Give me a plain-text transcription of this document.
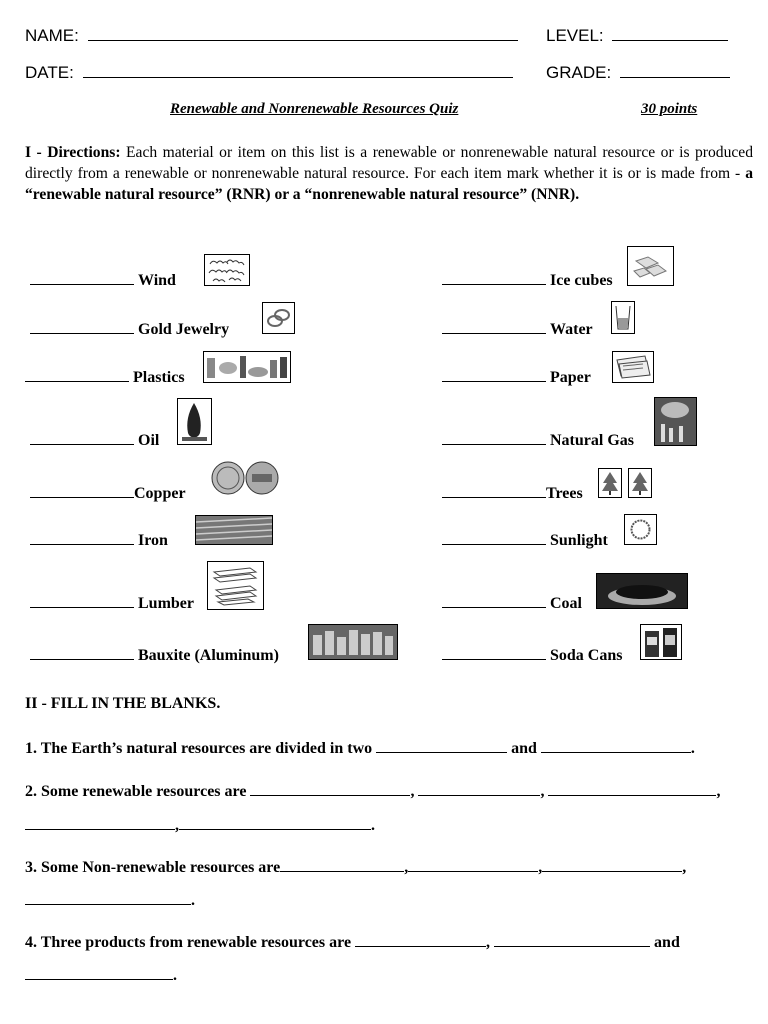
NAME:	LEVEL:
DATE:	GRADE:
Renewable and Nonrenewable Resources Quiz	30 points
I - Directions: Each material or item on this list is a renewable or nonrenewable natural resource or is produced directly from a renewable or nonrenewable natural resource. For each item mark whether it is or is made from - a “renewable natural resource” (RNR) or a “nonrenewable natural resource” (NNR).
Wind
Gold Jewelry
Plastics
Oil
Copper
Iron
Lumber
Bauxite (Aluminum)
Ice cubes
Water
Paper
Natural Gas
Trees
Sunlight
Coal
Soda Cans
II - FILL IN THE BLANKS.
1. The Earth’s natural resources are divided in two	and	.
2. Some renewable resources are	,	,	,
,	.
3. Some Non-renewable resources are	,	,	,
.
4. Three products from renewable resources are	,	and
.
